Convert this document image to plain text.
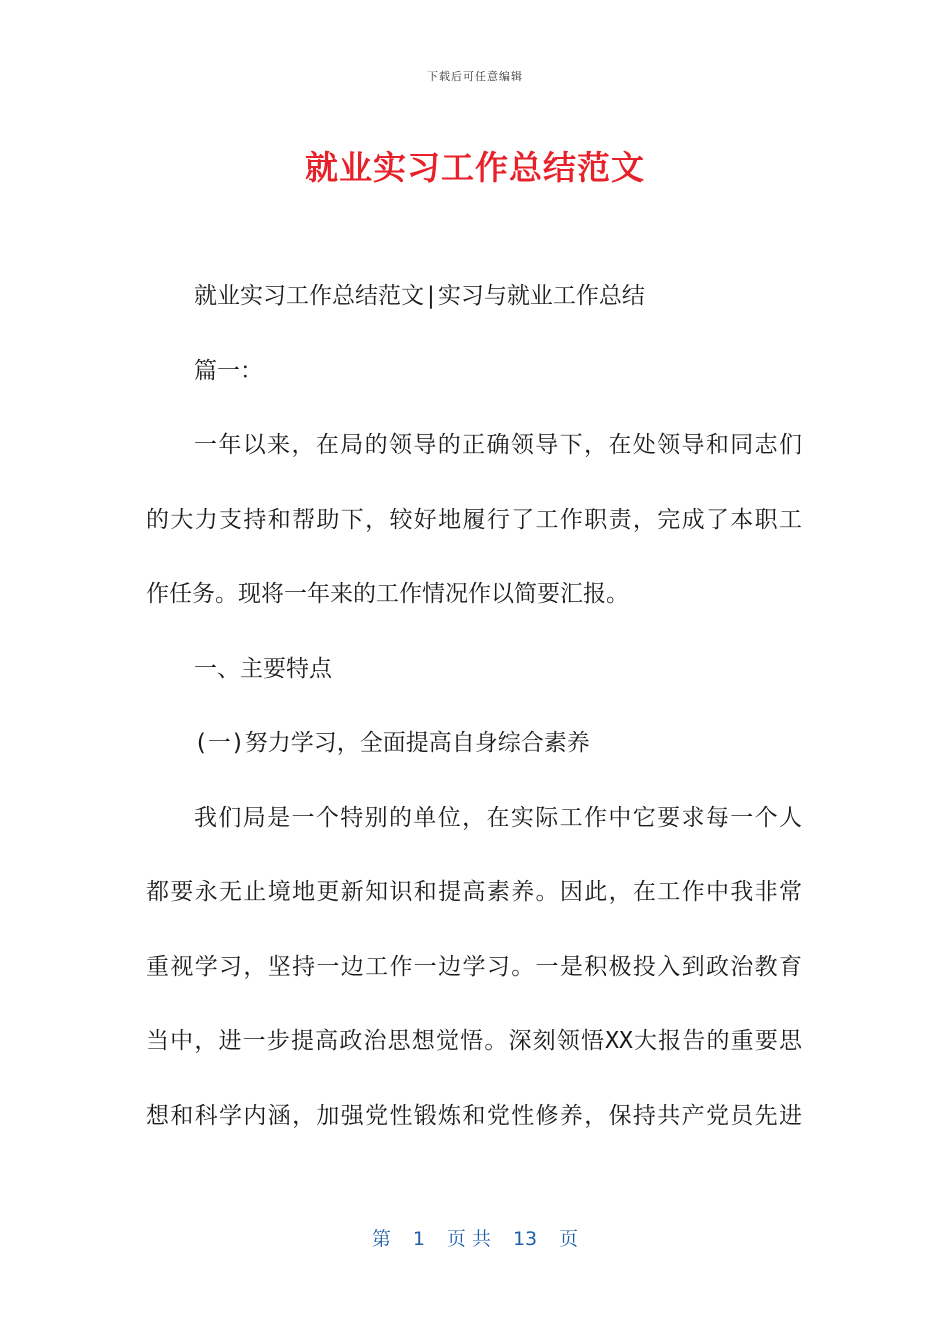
下载后可任意编辑
就业实习工作总结范文
就业实习工作总结范文|实习与就业工作总结
篇一：
一年以来，在局的领导的正确领导下，在处领导和同志们
的大力支持和帮助下，较好地履行了工作职责，完成了本职工
作任务。现将一年来的工作情况作以简要汇报。
一、主要特点
(一)努力学习，全面提高自身综合素养
我们局是一个特别的单位，在实际工作中它要求每一个人
都要永无止境地更新知识和提高素养。因此，在工作中我非常
重视学习，坚持一边工作一边学习。一是积极投入到政治教育
当中，进一步提高政治思想觉悟。深刻领悟XX大报告的重要思
想和科学内涵，加强党性锻炼和党性修养，保持共产党员先进
第 1 页 共 13 页
